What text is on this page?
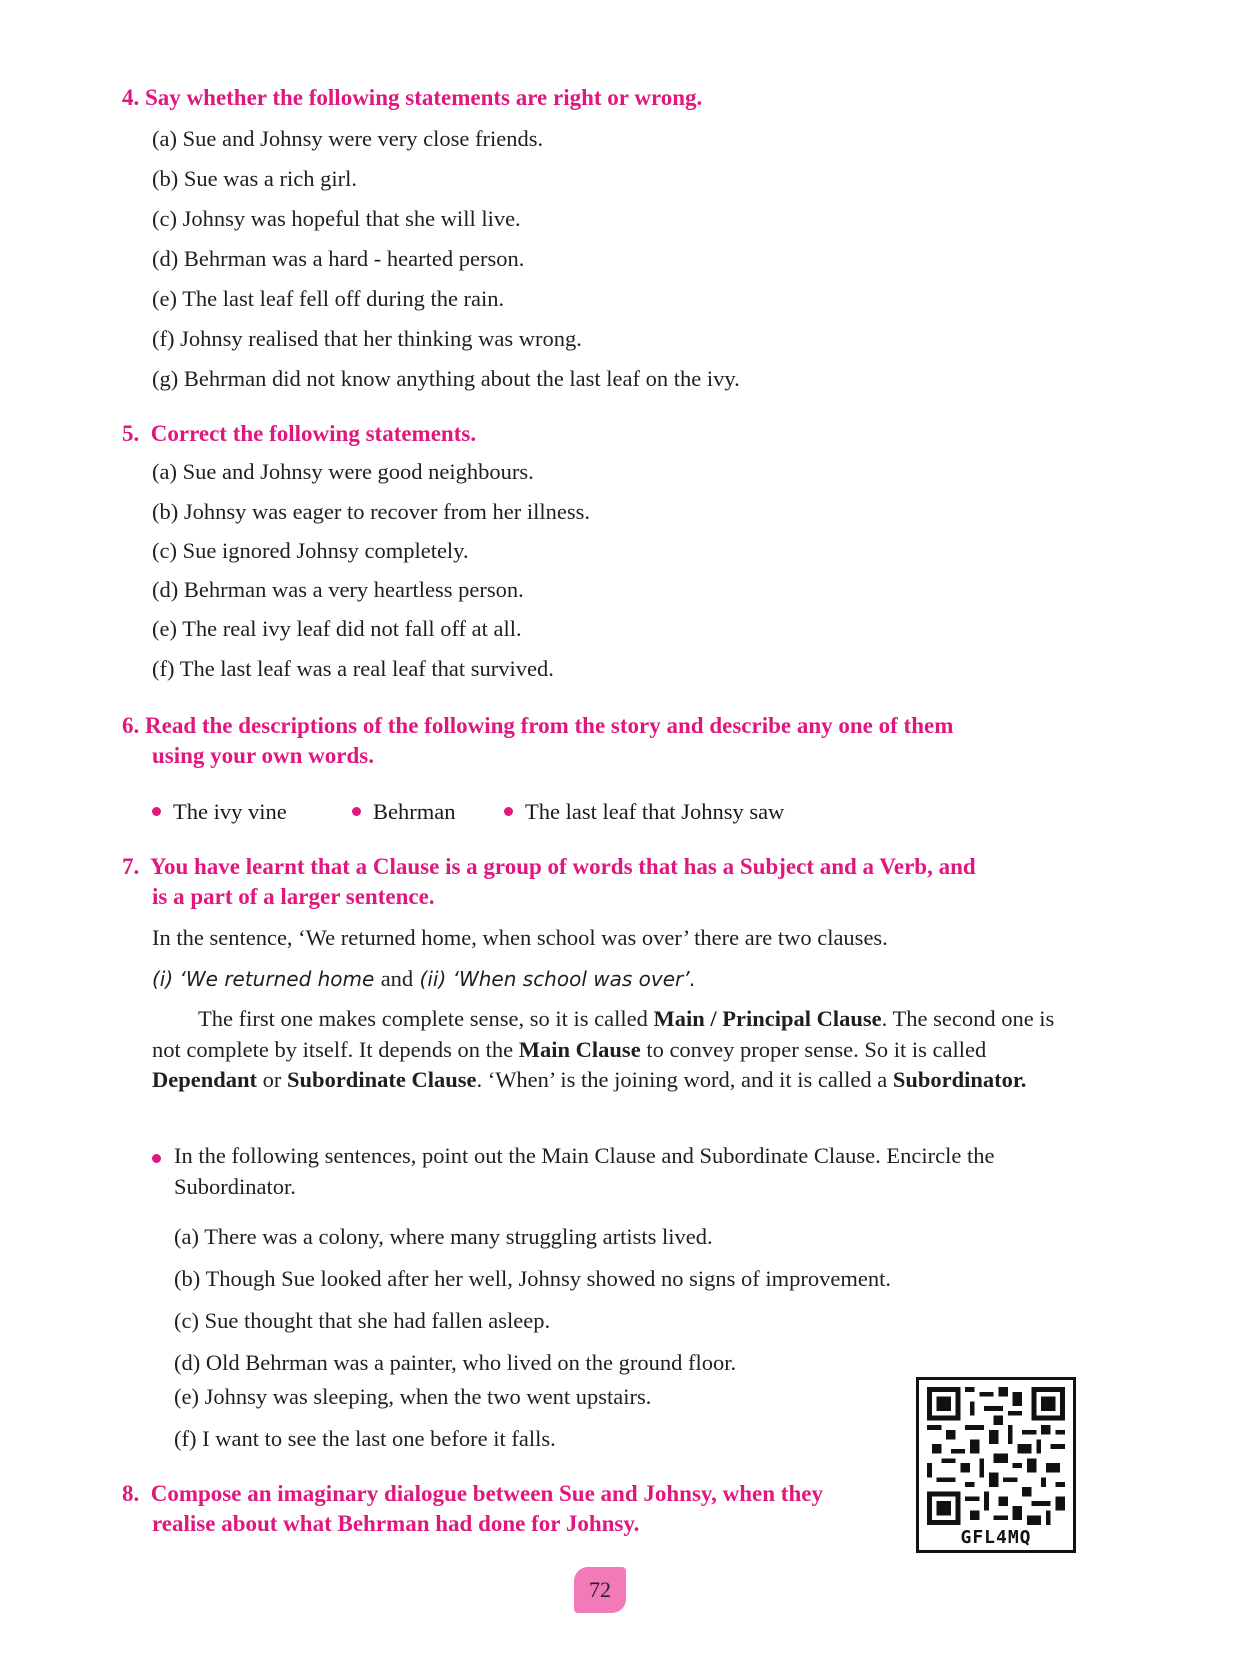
4. Say whether the following statements are right or wrong.
(a) Sue and Johnsy were very close friends.
(b) Sue was a rich girl.
(c) Johnsy was hopeful that she will live.
(d) Behrman was a hard - hearted person.
(e) The last leaf fell off during the rain.
(f) Johnsy realised that her thinking was wrong.
(g) Behrman did not know anything about the last leaf on the ivy.
5. Correct the following statements.
(a) Sue and Johnsy were good neighbours.
(b) Johnsy was eager to recover from her illness.
(c) Sue ignored Johnsy completely.
(d) Behrman was a very heartless person.
(e) The real ivy leaf did not fall off at all.
(f) The last leaf was a real leaf that survived.
6. Read the descriptions of the following from the story and describe any one of them
using your own words.
The ivy vine	Behrman	The last leaf that Johnsy saw
7. You have learnt that a Clause is a group of words that has a Subject and a Verb, and
is a part of a larger sentence.
In the sentence, ‘We returned home, when school was over’ there are two clauses.
(i) ‘We returned home and (ii) ‘When school was over’.
The first one makes complete sense, so it is called Main / Principal Clause. The second one is not complete by itself. It depends on the Main Clause to convey proper sense. So it is called Dependant or Subordinate Clause. ‘When’ is the joining word, and it is called a Subordinator.
In the following sentences, point out the Main Clause and Subordinate Clause. Encircle the Subordinator.
(a) There was a colony, where many struggling artists lived.
(b) Though Sue looked after her well, Johnsy showed no signs of improvement.
(c) Sue thought that she had fallen asleep.
(d) Old Behrman was a painter, who lived on the ground floor.
(e) Johnsy was sleeping, when the two went upstairs.
(f) I want to see the last one before it falls.
8. Compose an imaginary dialogue between Sue and Johnsy, when they
realise about what Behrman had done for Johnsy.
GFL4MQ
72
